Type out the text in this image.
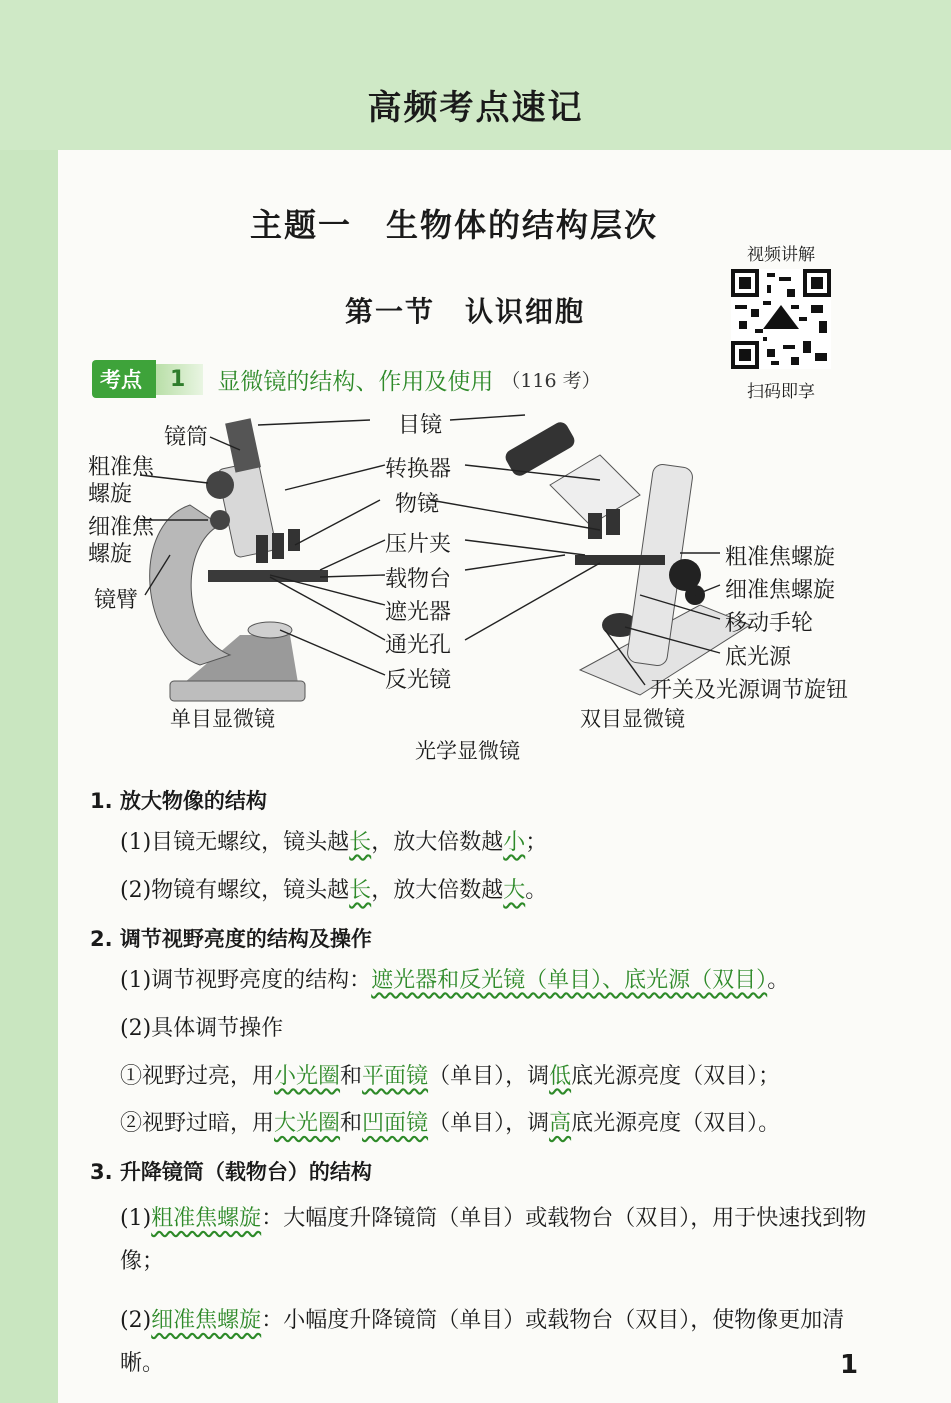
高频考点速记
主题一　生物体的结构层次
第一节　认识细胞
视频讲解
扫码即享
考点	1	显微镜的结构、作用及使用 （116 考）
镜筒
粗准焦
螺旋
细准焦
螺旋
镜臂
目镜
转换器
物镜
压片夹
载物台
遮光器
通光孔
反光镜
粗准焦螺旋
细准焦螺旋
移动手轮
底光源
开关及光源调节旋钮
单目显微镜	双目显微镜
光学显微镜
1. 放大物像的结构
(1)目镜无螺纹，镜头越长，放大倍数越小；
(2)物镜有螺纹，镜头越长，放大倍数越大。
2. 调节视野亮度的结构及操作
(1)调节视野亮度的结构：遮光器和反光镜（单目）、底光源（双目）。
(2)具体调节操作
①视野过亮，用小光圈和平面镜（单目），调低底光源亮度（双目）；
②视野过暗，用大光圈和凹面镜（单目），调高底光源亮度（双目）。
3. 升降镜筒（载物台）的结构
(1)粗准焦螺旋：大幅度升降镜筒（单目）或载物台（双目），用于快速找到物像；
(2)细准焦螺旋：小幅度升降镜筒（单目）或载物台（双目），使物像更加清晰。	1
